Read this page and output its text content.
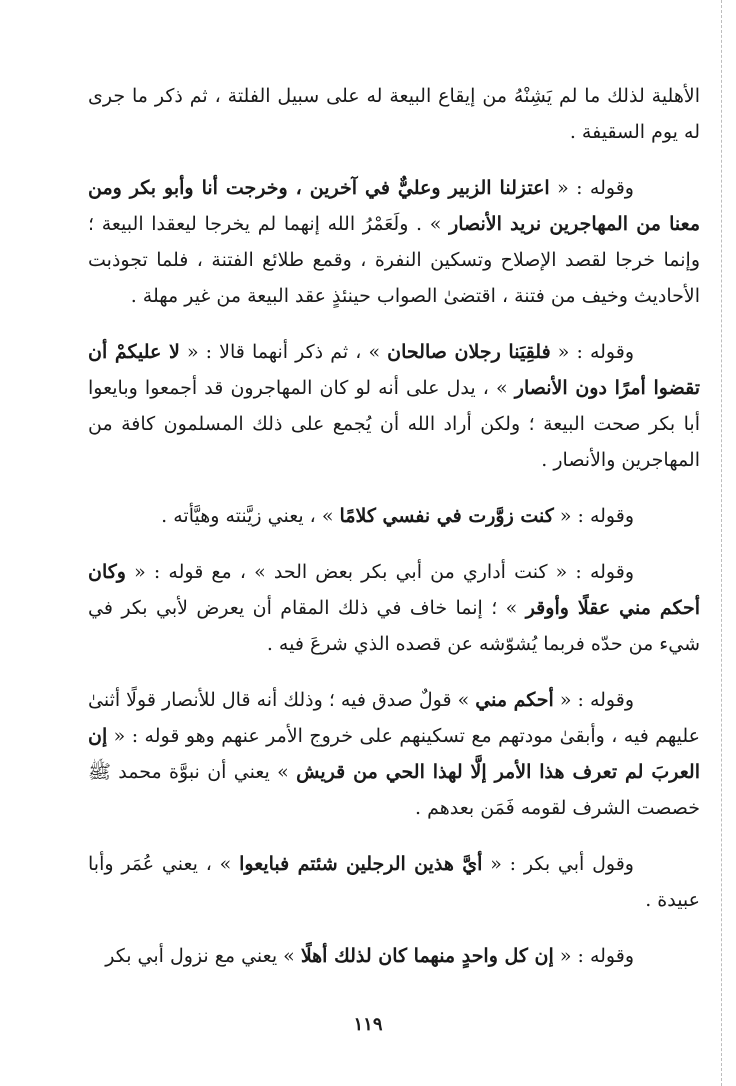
الأهلية لذلك ما لم يَشِنْهُ من إيقاع البيعة له على سبيل الفلتة ، ثم ذكر ما جرى له يوم السقيفة .

وقوله : « اعتزلنا الزبير وعليٌّ في آخرين ، وخرجت أنا وأبو بكر ومن معنا من المهاجرين نريد الأنصار » . ولَعَمْرُ الله إنهما لم يخرجا ليعقدا البيعة ؛ وإنما خرجا لقصد الإصلاح وتسكين النفرة ، وقمع طلائع الفتنة ، فلما تجوذبت الأحاديث وخيف من فتنة ، اقتضىٰ الصواب حينئذٍ عقد البيعة من غير مهلة .

وقوله : « فلقِيَنا رجلان صالحان » ، ثم ذكر أنهما قالا : « لا عليكمْ أن تقضوا أمرًا دون الأنصار » ، يدل على أنه لو كان المهاجرون قد أجمعوا وبايعوا أبا بكر صحت البيعة ؛ ولكن أراد الله أن يُجمع على ذلك المسلمون كافة من المهاجرين والأنصار .

وقوله : « كنت زوَّرت في نفسي كلامًا » ، يعني زيَّنته وهيَّأته .

وقوله : « كنت أداري من أبي بكر بعض الحد » ، مع قوله : « وكان أحكم مني عقلًا وأوقر » ؛ إنما خاف في ذلك المقام أن يعرض لأبي بكر في شيء من حدّه فربما يُشوّشه عن قصده الذي شرعَ فيه .

وقوله : « أحكم مني » قولٌ صدق فيه ؛ وذلك أنه قال للأنصار قولًا أثنىٰ عليهم فيه ، وأبقىٰ مودتهم مع تسكينهم على خروج الأمر عنهم وهو قوله : « إن العربَ لم تعرف هذا الأمر إلَّا لهذا الحي من قريش » يعني أن نبوَّة محمد ﷺ خصصت الشرف لقومه فَمَن بعدهم .

وقول أبي بكر : « أيَّ هذين الرجلين شئتم فبايعوا » ، يعني عُمَر وأبا عبيدة .

وقوله : « إن كل واحدٍ منهما كان لذلك أهلًا » يعني مع نزول أبي بكر

١١٩
